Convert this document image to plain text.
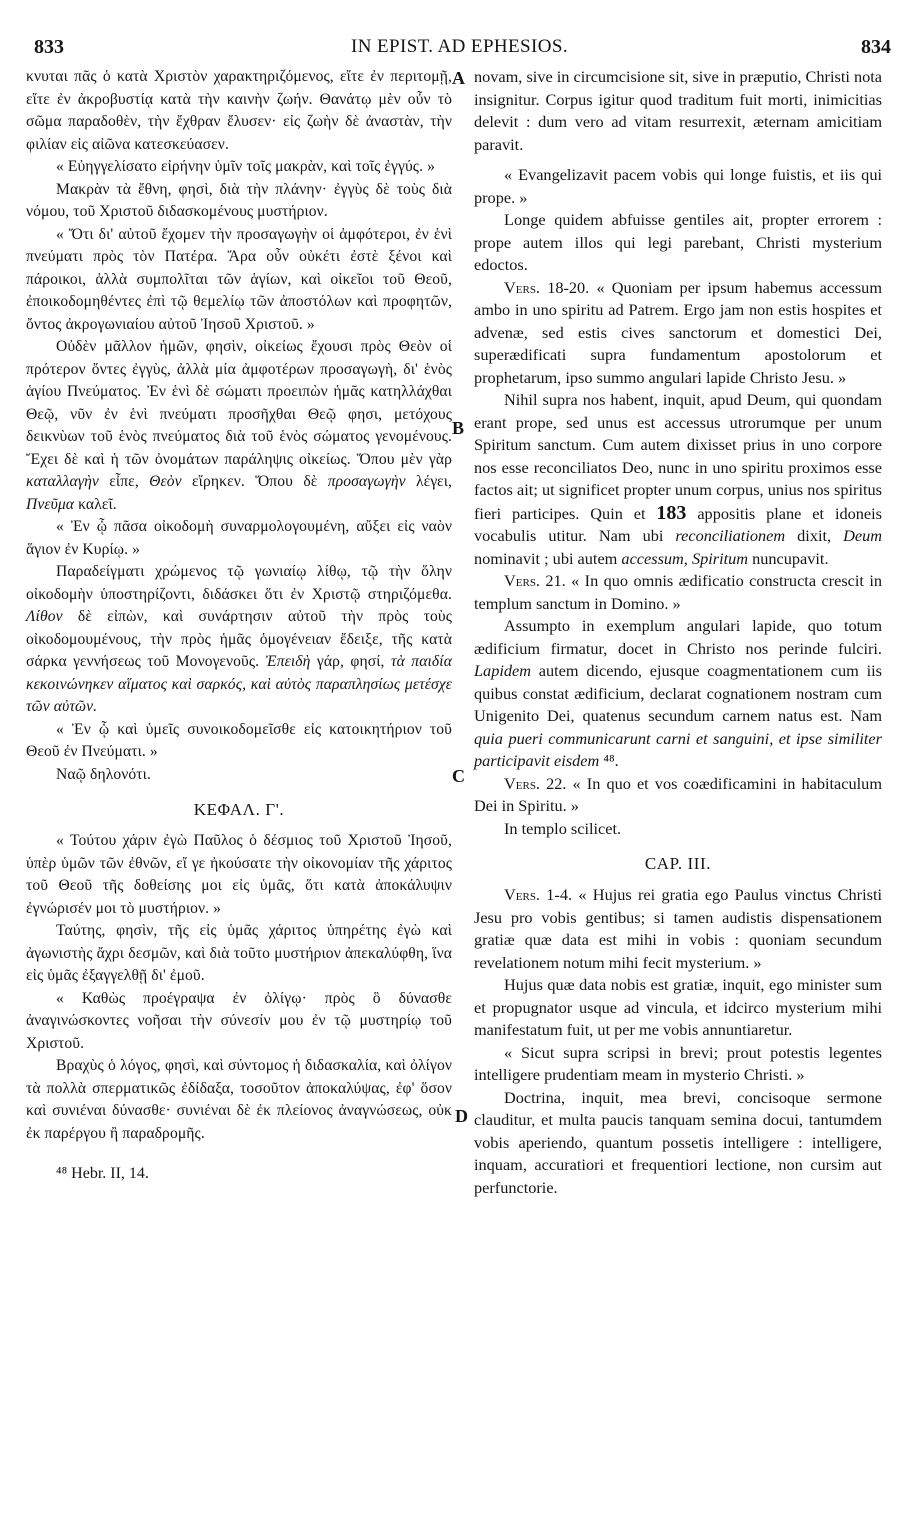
833	IN EPIST. AD EPHESIOS.	834
A
B
C
D

κνυται πᾶς ὁ κατὰ Χριστὸν χαρακτηριζόμενος, εἴτε ἐν περιτομῇ, εἴτε ἐν ἀκροβυστίᾳ κατὰ τὴν καινὴν ζωήν. Θανάτῳ μὲν οὖν τὸ σῶμα παραδοθὲν, τὴν ἔχθραν ἔλυσεν· εἰς ζωὴν δὲ ἀναστὰν, τὴν φιλίαν εἰς αἰῶνα κατεσκεύασεν.

« Εὐηγγελίσατο εἰρήνην ὑμῖν τοῖς μακρὰν, καὶ τοῖς ἐγγύς. »

Μακρὰν τὰ ἔθνη, φησὶ, διὰ τὴν πλάνην· ἐγγὺς δὲ τοὺς διὰ νόμου, τοῦ Χριστοῦ διδασκομένους μυστήριον.

« Ὅτι δι' αὐτοῦ ἔχομεν τὴν προσαγωγὴν οἱ ἀμφότεροι, ἐν ἑνὶ πνεύματι πρὸς τὸν Πατέρα. Ἄρα οὖν οὐκέτι ἐστὲ ξένοι καὶ πάροικοι, ἀλλὰ συμπολῖται τῶν ἁγίων, καὶ οἰκεῖοι τοῦ Θεοῦ, ἐποικοδομηθέντες ἐπὶ τῷ θεμελίῳ τῶν ἀποστόλων καὶ προφητῶν, ὄντος ἀκρογωνιαίου αὐτοῦ Ἰησοῦ Χριστοῦ. »

Οὐδὲν μᾶλλον ἡμῶν, φησὶν, οἰκείως ἔχουσι πρὸς Θεὸν οἱ πρότερον ὄντες ἐγγὺς, ἀλλὰ μία ἀμφοτέρων προσαγωγὴ, δι' ἑνὸς ἁγίου Πνεύματος. Ἐν ἑνὶ δὲ σώματι προειπὼν ἡμᾶς κατηλλάχθαι Θεῷ, νῦν ἐν ἑνὶ πνεύματι προσῆχθαι Θεῷ φησι, μετόχους δεικνὺων τοῦ ἑνὸς πνεύματος διὰ τοῦ ἑνὸς σώματος γενομένους. Ἔχει δὲ καὶ ἡ τῶν ὀνομάτων παράληψις οἰκείως. Ὅπου μὲν γὰρ καταλλαγὴν εἶπε, Θεὸν εἴρηκεν. Ὅπου δὲ προσαγωγὴν λέγει, Πνεῦμα καλεῖ.

« Ἐν ᾧ πᾶσα οἰκοδομὴ συναρμολογουμένη, αὔξει εἰς ναὸν ἅγιον ἐν Κυρίῳ. »

Παραδείγματι χρώμενος τῷ γωνιαίῳ λίθῳ, τῷ τὴν ὅλην οἰκοδομὴν ὑποστηρίζοντι, διδάσκει ὅτι ἐν Χριστῷ στηριζόμεθα. Λίθον δὲ εἰπὼν, καὶ συνάρτησιν αὐτοῦ τὴν πρὸς τοὺς οἰκοδομουμένους, τὴν πρὸς ἡμᾶς ὁμογένειαν ἔδειξε, τῆς κατὰ σάρκα γεννήσεως τοῦ Μονογενοῦς. Ἐπειδὴ γάρ, φησί, τὰ παιδία κεκοινώνηκεν αἵματος καὶ σαρκός, καὶ αὐτὸς παραπλησίως μετέσχε τῶν αὐτῶν.

« Ἐν ᾧ καὶ ὑμεῖς συνοικοδομεῖσθε εἰς κατοικητήριον τοῦ Θεοῦ ἐν Πνεύματι. »

Ναῷ δηλονότι.

ΚΕΦΑΛ. Γ'.

« Τούτου χάριν ἐγὼ Παῦλος ὁ δέσμιος τοῦ Χριστοῦ Ἰησοῦ, ὑπὲρ ὑμῶν τῶν ἐθνῶν, εἴ γε ἠκούσατε τὴν οἰκονομίαν τῆς χάριτος τοῦ Θεοῦ τῆς δοθείσης μοι εἰς ὑμᾶς, ὅτι κατὰ ἀποκάλυψιν ἐγνώρισέν μοι τὸ μυστήριον. »

Ταύτης, φησὶν, τῆς εἰς ὑμᾶς χάριτος ὑπηρέτης ἐγὼ καὶ ἀγωνιστὴς ἄχρι δεσμῶν, καὶ διὰ τοῦτο μυστήριον ἀπεκαλύφθη, ἵνα εἰς ὑμᾶς ἐξαγγελθῇ δι' ἐμοῦ.

« Καθὼς προέγραψα ἐν ὀλίγῳ· πρὸς ὃ δύνασθε ἀναγινώσκοντες νοῆσαι τὴν σύνεσίν μου ἐν τῷ μυστηρίῳ τοῦ Χριστοῦ.

Βραχὺς ὁ λόγος, φησὶ, καὶ σύντομος ἡ διδασκαλία, καὶ ὀλίγον τὰ πολλὰ σπερματικῶς ἐδίδαξα, τοσοῦτον ἀποκαλύψας, ἐφ' ὅσον καὶ συνιέναι δύνασθε· συνιέναι δὲ ἐκ πλείονος ἀναγνώσεως, οὐκ ἐκ παρέργου ἢ παραδρομῆς.

⁴⁸ Hebr. II, 14.

novam, sive in circumcisione sit, sive in præputio, Christi nota insignitur. Corpus igitur quod traditum fuit morti, inimicitias delevit : dum vero ad vitam resurrexit, æternam amicitiam paravit.

« Evangelizavit pacem vobis qui longe fuistis, et iis qui prope. »

Longe quidem abfuisse gentiles ait, propter errorem : prope autem illos qui legi parebant, Christi mysterium edoctos.

Vers. 18-20. « Quoniam per ipsum habemus accessum ambo in uno spiritu ad Patrem. Ergo jam non estis hospites et advenæ, sed estis cives sanctorum et domestici Dei, superædificati supra fundamentum apostolorum et prophetarum, ipso summo angulari lapide Christo Jesu. »

Nihil supra nos habent, inquit, apud Deum, qui quondam erant prope, sed unus est accessus utrorumque per unum Spiritum sanctum. Cum autem dixisset prius in uno corpore nos esse reconciliatos Deo, nunc in uno spiritu proximos esse factos ait; ut significet propter unum corpus, unius nos spiritus fieri participes. Quin et 183 appositis plane et idoneis vocabulis utitur. Nam ubi reconciliationem dixit, Deum nominavit ; ubi autem accessum, Spiritum nuncupavit.

Vers. 21. « In quo omnis ædificatio constructa crescit in templum sanctum in Domino. »

Assumpto in exemplum angulari lapide, quo totum ædificium firmatur, docet in Christo nos perinde fulciri. Lapidem autem dicendo, ejusque coagmentationem cum iis quibus constat ædificium, declarat cognationem nostram cum Unigenito Dei, quatenus secundum carnem natus est. Nam quia pueri communicarunt carni et sanguini, et ipse similiter participavit eisdem ⁴⁸.

Vers. 22. « In quo et vos coædificamini in habitaculum Dei in Spiritu. »

In templo scilicet.

CAP. III.

Vers. 1-4. « Hujus rei gratia ego Paulus vinctus Christi Jesu pro vobis gentibus; si tamen audistis dispensationem gratiæ quæ data est mihi in vobis : quoniam secundum revelationem notum mihi fecit mysterium. »

Hujus quæ data nobis est gratiæ, inquit, ego minister sum et propugnator usque ad vincula, et idcirco mysterium mihi manifestatum fuit, ut per me vobis annuntiaretur.

« Sicut supra scripsi in brevi; prout potestis legentes intelligere prudentiam meam in mysterio Christi. »

Doctrina, inquit, mea brevi, concisoque sermone clauditur, et multa paucis tanquam semina docui, tantumdem vobis aperiendo, quantum possetis intelligere : intelligere, inquam, accuratiori et frequentiori lectione, non cursim aut perfunctorie.
